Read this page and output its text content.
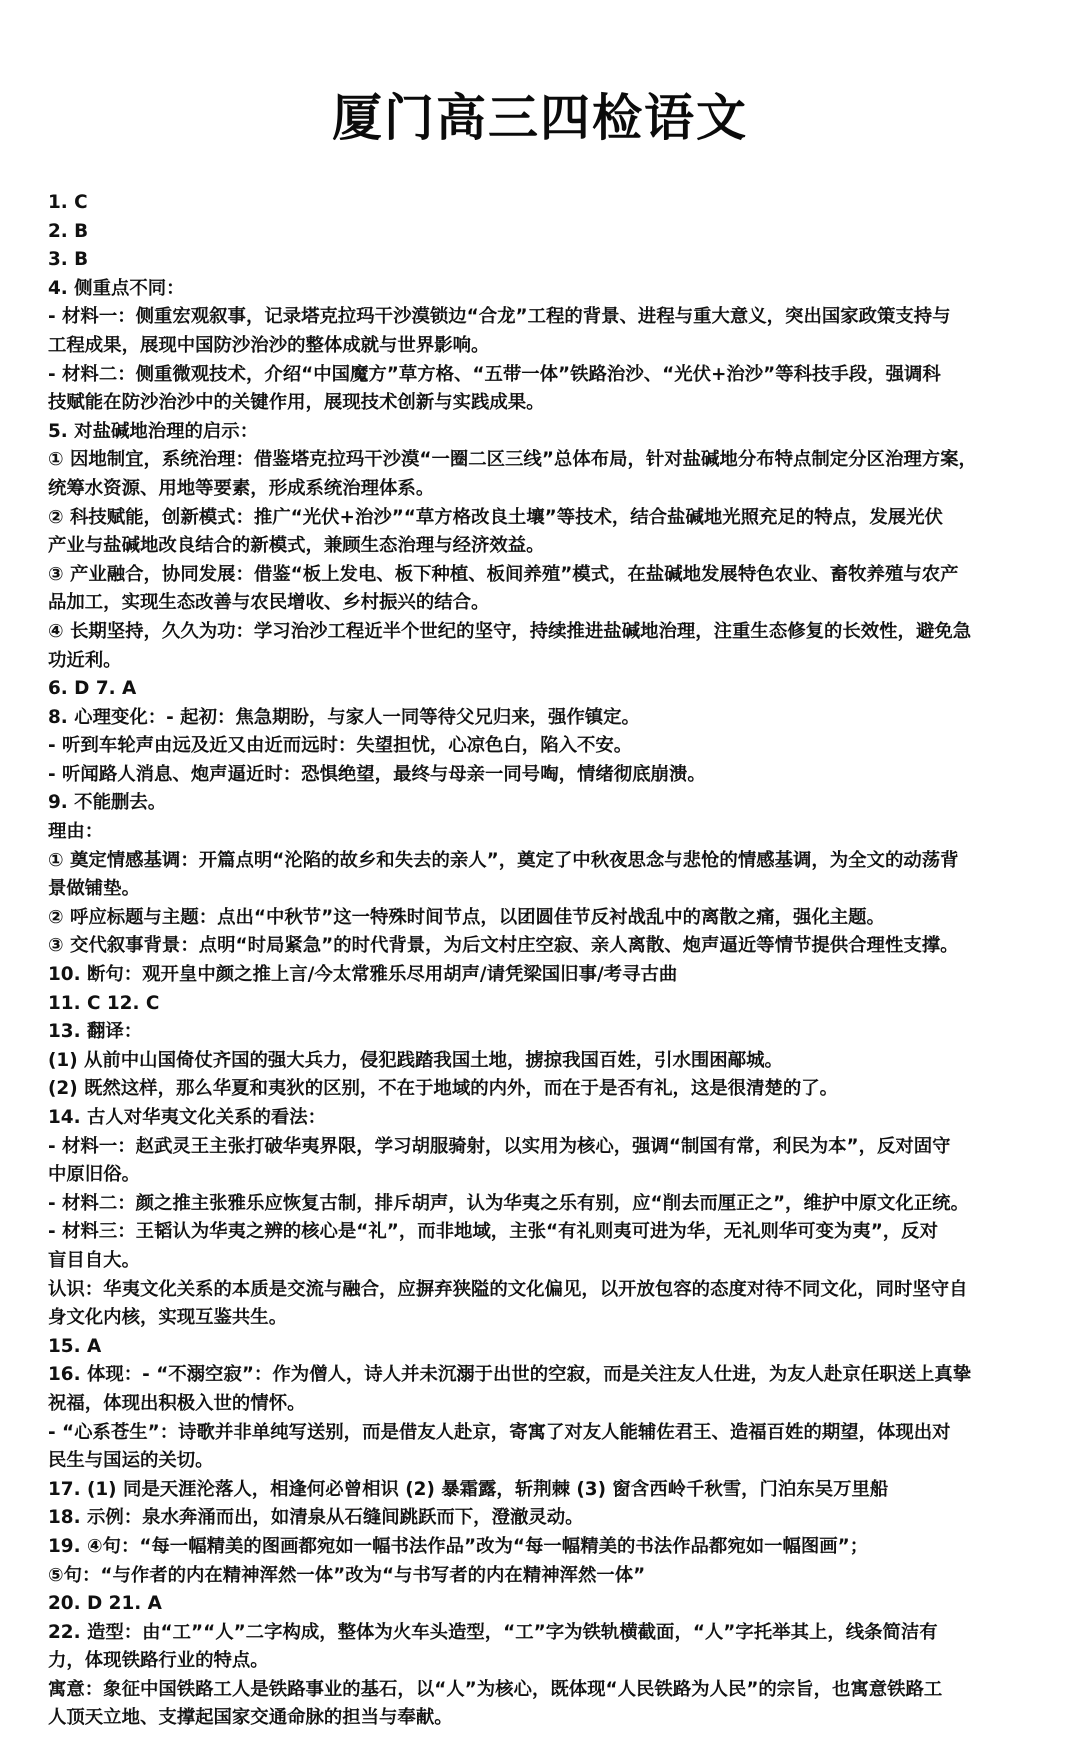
厦门高三四检语文
1. C
2. B
3. B
4. 侧重点不同：
- 材料一：侧重宏观叙事，记录塔克拉玛干沙漠锁边“合龙”工程的背景、进程与重大意义，突出国家政策支持与
工程成果，展现中国防沙治沙的整体成就与世界影响。
- 材料二：侧重微观技术，介绍“中国魔方”草方格、“五带一体”铁路治沙、“光伏+治沙”等科技手段，强调科
技赋能在防沙治沙中的关键作用，展现技术创新与实践成果。
5. 对盐碱地治理的启示：
① 因地制宜，系统治理：借鉴塔克拉玛干沙漠“一圈二区三线”总体布局，针对盐碱地分布特点制定分区治理方案，
统筹水资源、用地等要素，形成系统治理体系。
② 科技赋能，创新模式：推广“光伏+治沙”“草方格改良土壤”等技术，结合盐碱地光照充足的特点，发展光伏
产业与盐碱地改良结合的新模式，兼顾生态治理与经济效益。
③ 产业融合，协同发展：借鉴“板上发电、板下种植、板间养殖”模式，在盐碱地发展特色农业、畜牧养殖与农产
品加工，实现生态改善与农民增收、乡村振兴的结合。
④ 长期坚持，久久为功：学习治沙工程近半个世纪的坚守，持续推进盐碱地治理，注重生态修复的长效性，避免急
功近利。
6. D 7. A
8. 心理变化：- 起初：焦急期盼，与家人一同等待父兄归来，强作镇定。
- 听到车轮声由远及近又由近而远时：失望担忧，心凉色白，陷入不安。
- 听闻路人消息、炮声逼近时：恐惧绝望，最终与母亲一同号啕，情绪彻底崩溃。
9. 不能删去。
理由：
① 奠定情感基调：开篇点明“沦陷的故乡和失去的亲人”，奠定了中秋夜思念与悲怆的情感基调，为全文的动荡背
景做铺垫。
② 呼应标题与主题：点出“中秋节”这一特殊时间节点，以团圆佳节反衬战乱中的离散之痛，强化主题。
③ 交代叙事背景：点明“时局紧急”的时代背景，为后文村庄空寂、亲人离散、炮声逼近等情节提供合理性支撑。
10. 断句：观开皇中颜之推上言/今太常雅乐尽用胡声/请凭梁国旧事/考寻古曲
11. C 12. C
13. 翻译：
(1) 从前中山国倚仗齐国的强大兵力，侵犯践踏我国土地，掳掠我国百姓，引水围困鄗城。
(2) 既然这样，那么华夏和夷狄的区别，不在于地域的内外，而在于是否有礼，这是很清楚的了。
14. 古人对华夷文化关系的看法：
- 材料一：赵武灵王主张打破华夷界限，学习胡服骑射，以实用为核心，强调“制国有常，利民为本”，反对固守
中原旧俗。
- 材料二：颜之推主张雅乐应恢复古制，排斥胡声，认为华夷之乐有别，应“削去而厘正之”，维护中原文化正统。
- 材料三：王韬认为华夷之辨的核心是“礼”，而非地域，主张“有礼则夷可进为华，无礼则华可变为夷”，反对
盲目自大。
认识：华夷文化关系的本质是交流与融合，应摒弃狭隘的文化偏见，以开放包容的态度对待不同文化，同时坚守自
身文化内核，实现互鉴共生。
15. A
16. 体现：- “不溺空寂”：作为僧人，诗人并未沉溺于出世的空寂，而是关注友人仕进，为友人赴京任职送上真挚
祝福，体现出积极入世的情怀。
- “心系苍生”：诗歌并非单纯写送别，而是借友人赴京，寄寓了对友人能辅佐君王、造福百姓的期望，体现出对
民生与国运的关切。
17. (1) 同是天涯沦落人，相逢何必曾相识 (2) 暴霜露，斩荆棘 (3) 窗含西岭千秋雪，门泊东吴万里船
18. 示例：泉水奔涌而出，如清泉从石缝间跳跃而下，澄澈灵动。
19. ④句：“每一幅精美的图画都宛如一幅书法作品”改为“每一幅精美的书法作品都宛如一幅图画”；
⑤句：“与作者的内在精神浑然一体”改为“与书写者的内在精神浑然一体”
20. D 21. A
22. 造型：由“工”“人”二字构成，整体为火车头造型，“工”字为铁轨横截面，“人”字托举其上，线条简洁有
力，体现铁路行业的特点。
寓意：象征中国铁路工人是铁路事业的基石，以“人”为核心，既体现“人民铁路为人民”的宗旨，也寓意铁路工
人顶天立地、支撑起国家交通命脉的担当与奉献。
